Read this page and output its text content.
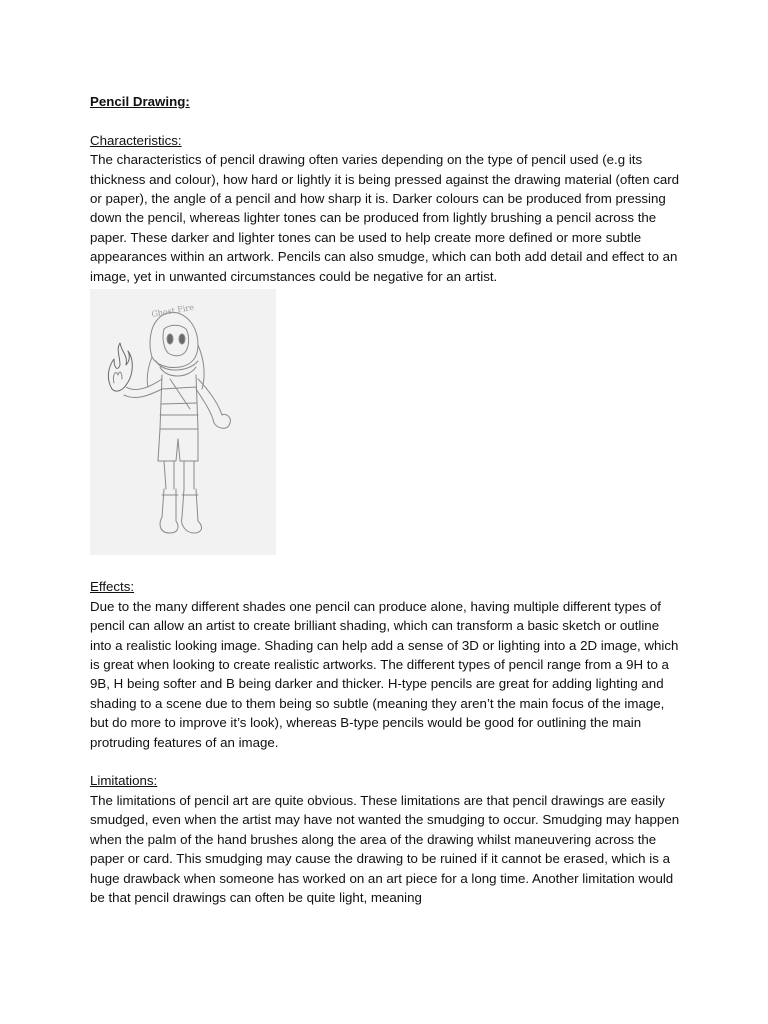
Pencil Drawing:

Characteristics:

The characteristics of pencil drawing often varies depending on the type of pencil used (e.g its thickness and colour), how hard or lightly it is being pressed against the drawing material (often card or paper), the angle of a pencil and how sharp it is. Darker colours can be produced from pressing down the pencil, whereas lighter tones can be produced from lightly brushing a pencil across the paper. These darker and lighter tones can be used to help create more defined or more subtle appearances within an artwork. Pencils can also smudge, which can both add detail and effect to an image, yet in unwanted circumstances could be negative for an artist.

Ghost Fire
Effects:

Due to the many different shades one pencil can produce alone, having multiple different types of pencil can allow an artist to create brilliant shading, which can transform a basic sketch or outline into a realistic looking image. Shading can help add a sense of 3D or lighting into a 2D image, which is great when looking to create realistic artworks. The different types of pencil range from a 9H to a 9B, H being softer and B being darker and thicker. H-type pencils are great for adding lighting and shading to a scene due to them being so subtle (meaning they aren’t the main focus of the image, but do more to improve it’s look), whereas B-type pencils would be good for outlining the main protruding features of an image.

Limitations:

The limitations of pencil art are quite obvious. These limitations are that pencil drawings are easily smudged, even when the artist may have not wanted the smudging to occur. Smudging may happen when the palm of the hand brushes along the area of the drawing whilst maneuvering across the paper or card. This smudging may cause the drawing to be ruined if it cannot be erased, which is a huge drawback when someone has worked on an art piece for a long time. Another limitation would be that pencil drawings can often be quite light, meaning
